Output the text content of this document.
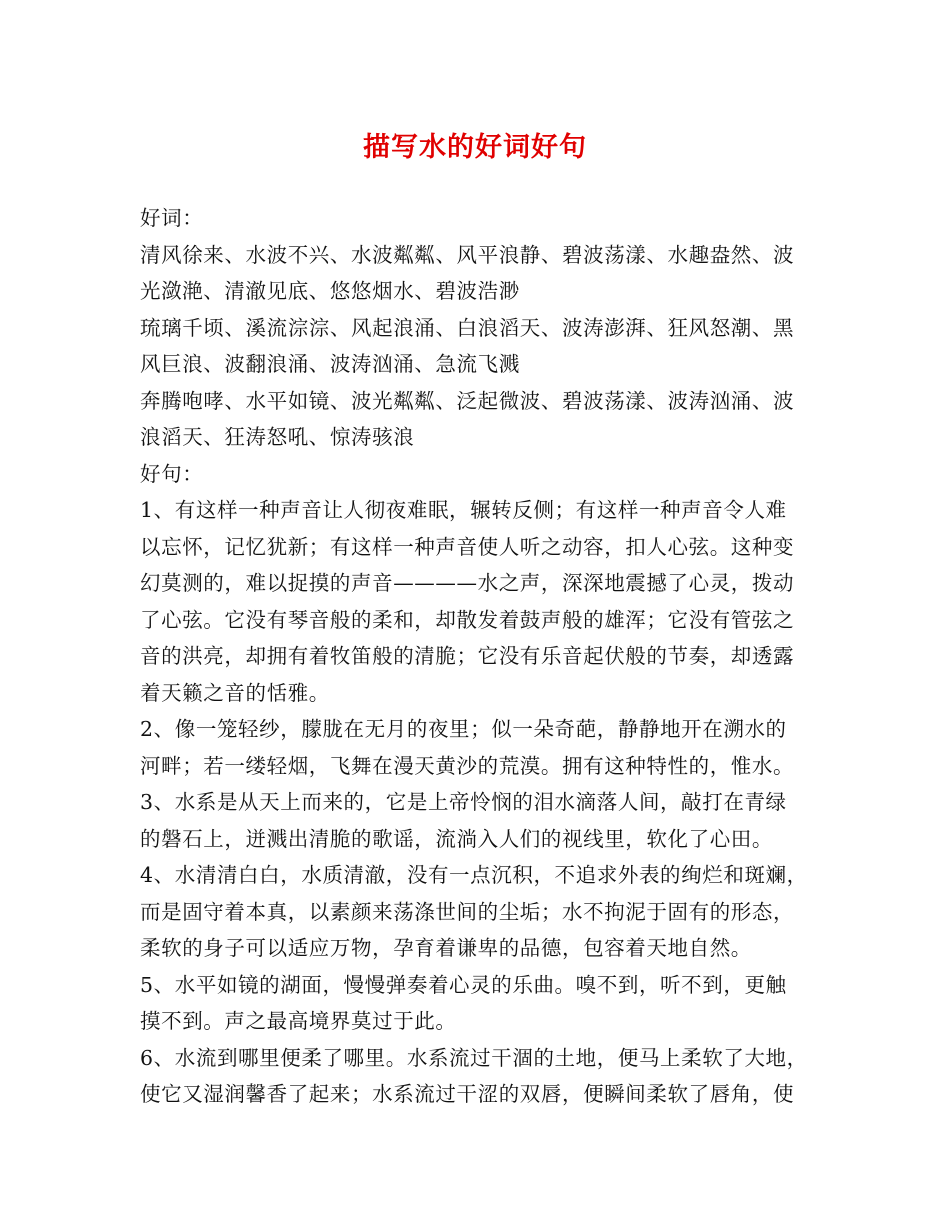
描写水的好词好句
好词：
清风徐来、水波不兴、水波粼粼、风平浪静、碧波荡漾、水趣盎然、波
光潋滟、清澈见底、悠悠烟水、碧波浩渺
琉璃千顷、溪流淙淙、风起浪涌、白浪滔天、波涛澎湃、狂风怒潮、黑
风巨浪、波翻浪涌、波涛汹涌、急流飞溅
奔腾咆哮、水平如镜、波光粼粼、泛起微波、碧波荡漾、波涛汹涌、波
浪滔天、狂涛怒吼、惊涛骇浪
好句：
1、有这样一种声音让人彻夜难眠，辗转反侧；有这样一种声音令人难
以忘怀，记忆犹新；有这样一种声音使人听之动容，扣人心弦。这种变
幻莫测的，难以捉摸的声音————水之声，深深地震撼了心灵，拨动
了心弦。它没有琴音般的柔和，却散发着鼓声般的雄浑；它没有管弦之
音的洪亮，却拥有着牧笛般的清脆；它没有乐音起伏般的节奏，却透露
着天籁之音的恬雅。
2、像一笼轻纱，朦胧在无月的夜里；似一朵奇葩，静静地开在溯水的
河畔；若一缕轻烟，飞舞在漫天黄沙的荒漠。拥有这种特性的，惟水。
3、水系是从天上而来的，它是上帝怜悯的泪水滴落人间，敲打在青绿
的磐石上，迸溅出清脆的歌谣，流淌入人们的视线里，软化了心田。
4、水清清白白，水质清澈，没有一点沉积，不追求外表的绚烂和斑斓，
而是固守着本真，以素颜来荡涤世间的尘垢；水不拘泥于固有的形态，
柔软的身子可以适应万物，孕育着谦卑的品德，包容着天地自然。
5、水平如镜的湖面，慢慢弹奏着心灵的乐曲。嗅不到，听不到，更触
摸不到。声之最高境界莫过于此。
6、水流到哪里便柔了哪里。水系流过干涸的土地，便马上柔软了大地，
使它又湿润馨香了起来；水系流过干涩的双唇，便瞬间柔软了唇角，使
